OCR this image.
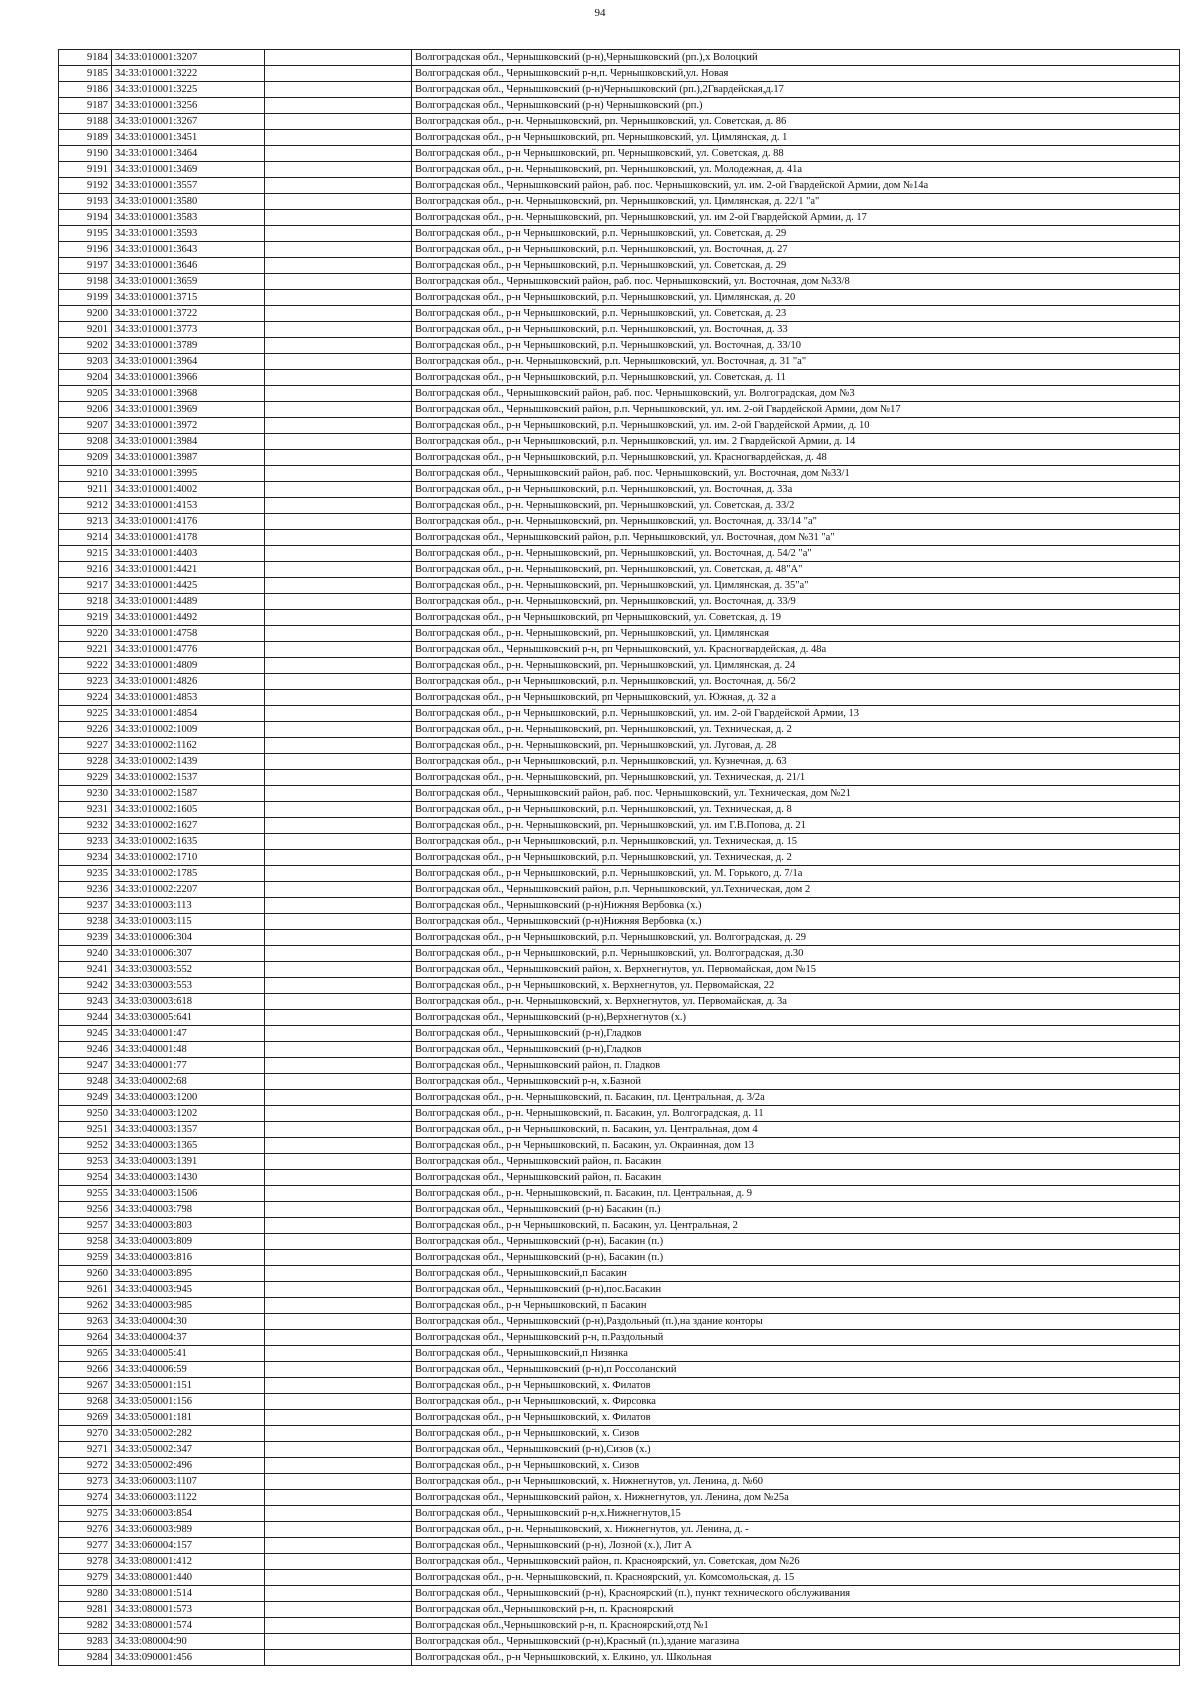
94
9184	34:33:010001:3207		Волгоградская обл., Чернышковский (р-н),Чернышковский (рп.),х Волоцкий
9185	34:33:010001:3222		Волгоградская обл., Чернышковский р-н,п. Чернышковский,ул. Новая
9186	34:33:010001:3225		Волгоградская обл., Чернышковский (р-н)Чернышковский (рп.),2Гвардейская,д.17
9187	34:33:010001:3256		Волгоградская обл., Чернышковский (р-н) Чернышковский (рп.)
9188	34:33:010001:3267		Волгоградская обл., р-н. Чернышковский, рп. Чернышковский, ул. Советская, д. 86
9189	34:33:010001:3451		Волгоградская обл., р-н Чернышковский, рп. Чернышковский, ул. Цимлянская, д. 1
9190	34:33:010001:3464		Волгоградская обл., р-н Чернышковский, рп. Чернышковский, ул. Советская, д. 88
9191	34:33:010001:3469		Волгоградская обл., р-н. Чернышковский, рп. Чернышковский, ул. Молодежная, д. 41а
9192	34:33:010001:3557		Волгоградская обл., Чернышковский район, раб. пос. Чернышковский, ул. им. 2-ой Гвардейской Армии, дом №14а
9193	34:33:010001:3580		Волгоградская обл., р-н. Чернышковский, рп. Чернышковский, ул. Цимлянская, д. 22/1 "а"
9194	34:33:010001:3583		Волгоградская обл., р-н. Чернышковский, рп. Чернышковский, ул. им 2-ой Гвардейской Армии, д. 17
9195	34:33:010001:3593		Волгоградская обл., р-н Чернышковский, р.п. Чернышковский, ул. Советская, д. 29
9196	34:33:010001:3643		Волгоградская обл., р-н Чернышковский, р.п. Чернышковский, ул. Восточная, д. 27
9197	34:33:010001:3646		Волгоградская обл., р-н Чернышковский, р.п. Чернышковский, ул. Советская, д. 29
9198	34:33:010001:3659		Волгоградская обл., Чернышковский район, раб. пос. Чернышковский, ул. Восточная, дом №33/8
9199	34:33:010001:3715		Волгоградская обл., р-н Чернышковский, р.п. Чернышковский, ул. Цимлянская, д. 20
9200	34:33:010001:3722		Волгоградская обл., р-н Чернышковский, р.п. Чернышковский, ул. Советская, д. 23
9201	34:33:010001:3773		Волгоградская обл., р-н Чернышковский, р.п. Чернышковский, ул. Восточная, д. 33
9202	34:33:010001:3789		Волгоградская обл., р-н Чернышковский, р.п. Чернышковский, ул. Восточная, д. 33/10
9203	34:33:010001:3964		Волгоградская обл., р-н. Чернышковский, р.п. Чернышковский, ул. Восточная, д. 31 "а"
9204	34:33:010001:3966		Волгоградская обл., р-н Чернышковский, р.п. Чернышковский, ул. Советская, д. 11
9205	34:33:010001:3968		Волгоградская обл., Чернышковский район, раб. пос. Чернышковский, ул. Волгоградская, дом №3
9206	34:33:010001:3969		Волгоградская обл., Чернышковский район, р.п. Чернышковский, ул. им. 2-ой Гвардейской Армии, дом №17
9207	34:33:010001:3972		Волгоградская обл., р-н Чернышковский, р.п. Чернышковский, ул. им. 2-ой Гвардейской Армии, д. 10
9208	34:33:010001:3984		Волгоградская обл., р-н Чернышковский, р.п. Чернышковский, ул. им. 2 Гвардейской Армии, д. 14
9209	34:33:010001:3987		Волгоградская обл., р-н Чернышковский, р.п. Чернышковский, ул. Красногвардейская, д. 48
9210	34:33:010001:3995		Волгоградская обл., Чернышковский район, раб. пос. Чернышковский, ул. Восточная, дом №33/1
9211	34:33:010001:4002		Волгоградская обл., р-н Чернышковский, р.п. Чернышковский, ул. Восточная, д. 33а
9212	34:33:010001:4153		Волгоградская обл., р-н. Чернышковский, рп. Чернышковский, ул. Советская, д. 33/2
9213	34:33:010001:4176		Волгоградская обл., р-н. Чернышковский, рп. Чернышковский, ул. Восточная, д. 33/14 "а"
9214	34:33:010001:4178		Волгоградская обл., Чернышковский район, р.п. Чернышковский, ул. Восточная, дом №31 "а"
9215	34:33:010001:4403		Волгоградская обл., р-н. Чернышковский, рп. Чернышковский, ул. Восточная, д. 54/2 "а"
9216	34:33:010001:4421		Волгоградская обл., р-н. Чернышковский, рп. Чернышковский, ул. Советская, д. 48"А"
9217	34:33:010001:4425		Волгоградская обл., р-н. Чернышковский, рп. Чернышковский, ул. Цимлянская, д. 35"а"
9218	34:33:010001:4489		Волгоградская обл., р-н. Чернышковский, рп. Чернышковский, ул. Восточная, д. 33/9
9219	34:33:010001:4492		Волгоградская обл., р-н Чернышковский, рп Чернышковский, ул. Советская, д. 19
9220	34:33:010001:4758		Волгоградская обл., р-н. Чернышковский, рп. Чернышковский, ул. Цимлянская
9221	34:33:010001:4776		Волгоградская обл., Чернышковский р-н, рп Чернышковский, ул. Красногвардейская, д. 48а
9222	34:33:010001:4809		Волгоградская обл., р-н. Чернышковский, рп. Чернышковский, ул. Цимлянская, д. 24
9223	34:33:010001:4826		Волгоградская обл., р-н Чернышковский, р.п. Чернышковский, ул. Восточная, д. 56/2
9224	34:33:010001:4853		Волгоградская обл., р-н Чернышковский, рп Чернышковский, ул. Южная, д. 32 а
9225	34:33:010001:4854		Волгоградская обл., р-н Чернышковский, р.п. Чернышковский, ул. им. 2-ой Гвардейской Армии, 13
9226	34:33:010002:1009		Волгоградская обл., р-н. Чернышковский, рп. Чернышковский, ул. Техническая, д. 2
9227	34:33:010002:1162		Волгоградская обл., р-н. Чернышковский, рп. Чернышковский, ул. Луговая, д. 28
9228	34:33:010002:1439		Волгоградская обл., р-н Чернышковский, р.п. Чернышковский, ул. Кузнечная, д. 63
9229	34:33:010002:1537		Волгоградская обл., р-н. Чернышковский, рп. Чернышковский, ул. Техническая, д. 21/1
9230	34:33:010002:1587		Волгоградская обл., Чернышковский район, раб. пос. Чернышковский, ул. Техническая, дом №21
9231	34:33:010002:1605		Волгоградская обл., р-н Чернышковский, р.п. Чернышковский, ул. Техническая, д. 8
9232	34:33:010002:1627		Волгоградская обл., р-н. Чернышковский, рп. Чернышковский, ул. им Г.В.Попова, д. 21
9233	34:33:010002:1635		Волгоградская обл., р-н Чернышковский, р.п. Чернышковский, ул. Техническая, д. 15
9234	34:33:010002:1710		Волгоградская обл., р-н Чернышковский, р.п. Чернышковский, ул. Техническая, д. 2
9235	34:33:010002:1785		Волгоградская обл., р-н Чернышковский, р.п. Чернышковский, ул. М. Горького, д. 7/1а
9236	34:33:010002:2207		Волгоградская обл., Чернышковский район, р.п. Чернышковский, ул.Техническая, дом 2
9237	34:33:010003:113		Волгоградская обл., Чернышковский (р-н)Нижняя Вербовка (х.)
9238	34:33:010003:115		Волгоградская обл., Чернышковский (р-н)Нижняя Вербовка (х.)
9239	34:33:010006:304		Волгоградская обл., р-н Чернышковский, р.п. Чернышковский, ул. Волгоградская, д. 29
9240	34:33:010006:307		Волгоградская обл., р-н Чернышковский, р.п. Чернышковский, ул. Волгоградская, д.30
9241	34:33:030003:552		Волгоградская обл., Чернышковский район, х. Верхнегнутов, ул. Первомайская, дом №15
9242	34:33:030003:553		Волгоградская обл., р-н Чернышковский, х. Верхнегнутов, ул. Первомайская, 22
9243	34:33:030003:618		Волгоградская обл., р-н. Чернышковский, х. Верхнегнутов, ул. Первомайская, д. 3а
9244	34:33:030005:641		Волгоградская обл., Чернышковский (р-н),Верхнегнутов (х.)
9245	34:33:040001:47		Волгоградская обл., Чернышковский (р-н),Гладков
9246	34:33:040001:48		Волгоградская обл., Чернышковский (р-н),Гладков
9247	34:33:040001:77		Волгоградская обл., Чернышковский район, п. Гладков
9248	34:33:040002:68		Волгоградская обл., Чернышковский р-н, х.Базной
9249	34:33:040003:1200		Волгоградская обл., р-н. Чернышковский, п. Басакин, пл. Центральная, д. 3/2а
9250	34:33:040003:1202		Волгоградская обл., р-н. Чернышковский, п. Басакин, ул. Волгоградская, д. 11
9251	34:33:040003:1357		Волгоградская обл., р-н Чернышковский, п. Басакин, ул. Центральная, дом 4
9252	34:33:040003:1365		Волгоградская обл., р-н Чернышковский, п. Басакин, ул. Окраинная, дом 13
9253	34:33:040003:1391		Волгоградская обл., Чернышковский район, п. Басакин
9254	34:33:040003:1430		Волгоградская обл., Чернышковский район, п. Басакин
9255	34:33:040003:1506		Волгоградская обл., р-н. Чернышковский, п. Басакин, пл. Центральная, д. 9
9256	34:33:040003:798		Волгоградская обл., Чернышковский (р-н) Басакин (п.)
9257	34:33:040003:803		Волгоградская обл., р-н Чернышковский, п. Басакин, ул. Центральная, 2
9258	34:33:040003:809		Волгоградская обл., Чернышковский (р-н), Басакин (п.)
9259	34:33:040003:816		Волгоградская обл., Чернышковский (р-н), Басакин (п.)
9260	34:33:040003:895		Волгоградская обл., Чернышковский,п Басакин
9261	34:33:040003:945		Волгоградская обл., Чернышковский (р-н),пос.Басакин
9262	34:33:040003:985		Волгоградская обл., р-н Чернышковский, п Басакин
9263	34:33:040004:30		Волгоградская обл., Чернышковский (р-н),Раздольный (п.),на здание конторы
9264	34:33:040004:37		Волгоградская обл., Чернышковский р-н, п.Раздольный
9265	34:33:040005:41		Волгоградская обл., Чернышковский,п Низянка
9266	34:33:040006:59		Волгоградская обл., Чернышковский (р-н),п Россоланский
9267	34:33:050001:151		Волгоградская обл., р-н Чернышковский, х. Филатов
9268	34:33:050001:156		Волгоградская обл., р-н Чернышковский, х. Фирсовка
9269	34:33:050001:181		Волгоградская обл., р-н Чернышковский, х. Филатов
9270	34:33:050002:282		Волгоградская обл., р-н Чернышковский, х. Сизов
9271	34:33:050002:347		Волгоградская обл., Чернышковский (р-н),Сизов (х.)
9272	34:33:050002:496		Волгоградская обл., р-н Чернышковский, х. Сизов
9273	34:33:060003:1107		Волгоградская обл., р-н Чернышковский, х. Нижнегнутов, ул. Ленина, д. №60
9274	34:33:060003:1122		Волгоградская обл., Чернышковский район, х. Нижнегнутов, ул. Ленина, дом №25а
9275	34:33:060003:854		Волгоградская обл., Чернышковский р-н,х.Нижнегнутов,15
9276	34:33:060003:989		Волгоградская обл., р-н. Чернышковский, х. Нижнегнутов, ул. Ленина, д. -
9277	34:33:060004:157		Волгоградская обл., Чернышковский (р-н), Лозной (х.), Лит А
9278	34:33:080001:412		Волгоградская обл., Чернышковский район, п. Красноярский, ул. Советская, дом №26
9279	34:33:080001:440		Волгоградская обл., р-н. Чернышковский, п. Красноярский, ул. Комсомольская, д. 15
9280	34:33:080001:514		Волгоградская обл., Чернышковский (р-н), Красноярский (п.), пункт технического обслуживания
9281	34:33:080001:573		Волгоградская обл.,Чернышковский р-н, п. Красноярский
9282	34:33:080001:574		Волгоградская обл.,Чернышковский р-н, п. Красноярский,отд №1
9283	34:33:080004:90		Волгоградская обл., Чернышковский (р-н),Красный (п.),здание магазина
9284	34:33:090001:456		Волгоградская обл., р-н Чернышковский, х. Елкино, ул. Школьная
